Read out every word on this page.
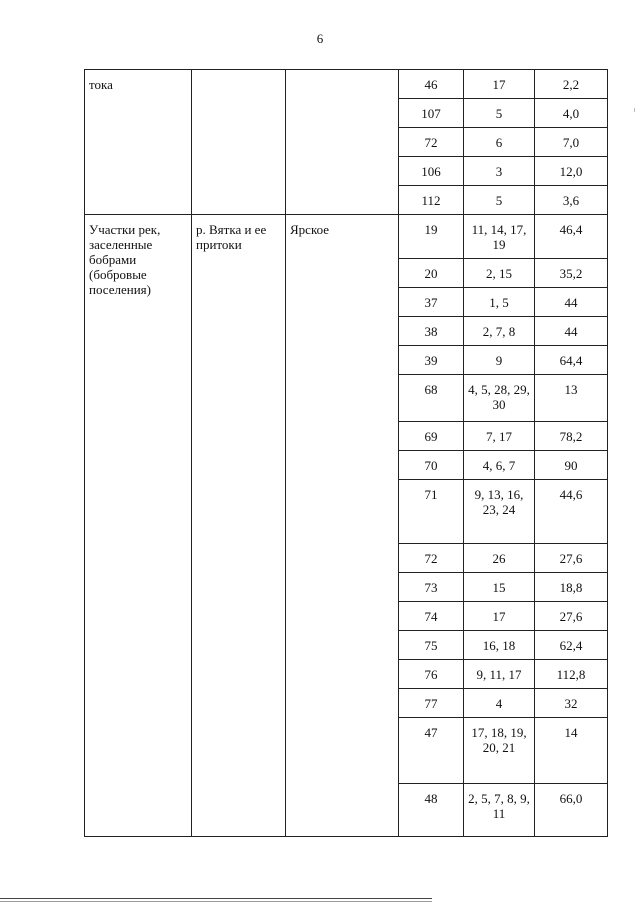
6
тока			46	17	2,2
			107	5	4,0
			72	6	7,0
			106	3	12,0
			112	5	3,6
Участки рек, заселенные бобрами (бобровые поселения)	р. Вятка и ее притоки	Ярское	19	11, 14, 17, 19	46,4
			20	2, 15	35,2
			37	1, 5	44
			38	2, 7, 8	44
			39	9	64,4
			68	4, 5, 28, 29, 30	13
			69	7, 17	78,2
			70	4, 6, 7	90
			71	9, 13, 16, 23, 24	44,6
			72	26	27,6
			73	15	18,8
			74	17	27,6
			75	16, 18	62,4
			76	9, 11, 17	112,8
			77	4	32
			47	17, 18, 19, 20, 21	14
			48	2, 5, 7, 8, 9, 11	66,0
